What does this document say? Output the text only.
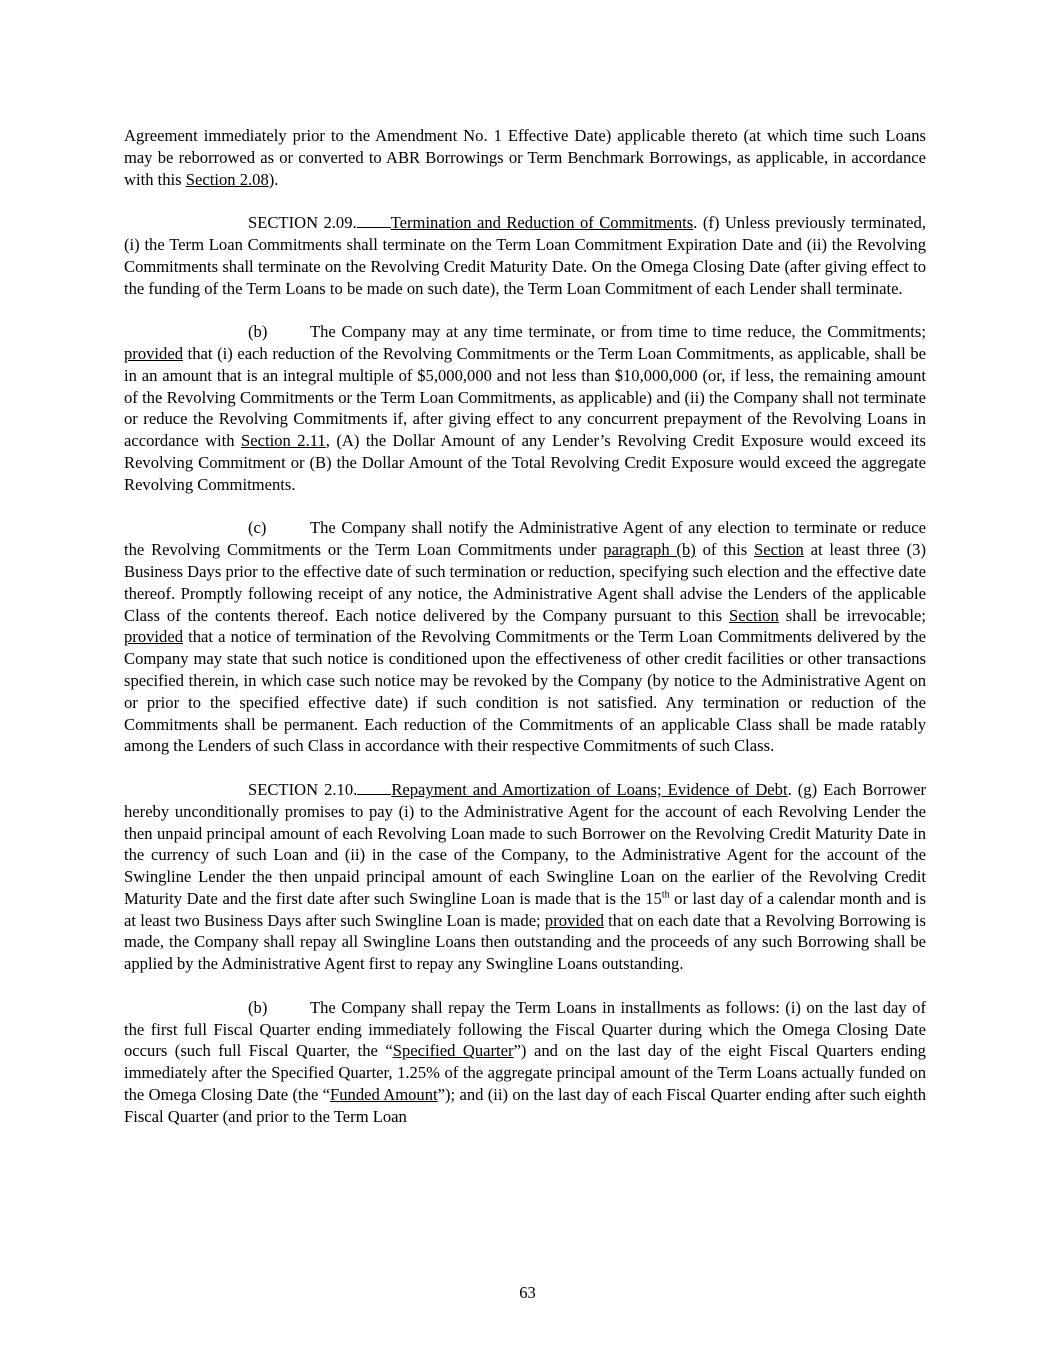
Agreement immediately prior to the Amendment No. 1 Effective Date) applicable thereto (at which time such Loans may be reborrowed as or converted to ABR Borrowings or Term Benchmark Borrowings, as applicable, in accordance with this Section 2.08).

SECTION 2.09. Termination and Reduction of Commitments. (f) Unless previously terminated, (i) the Term Loan Commitments shall terminate on the Term Loan Commitment Expiration Date and (ii) the Revolving Commitments shall terminate on the Revolving Credit Maturity Date. On the Omega Closing Date (after giving effect to the funding of the Term Loans to be made on such date), the Term Loan Commitment of each Lender shall terminate.

(b)	The Company may at any time terminate, or from time to time reduce, the Commitments; provided that (i) each reduction of the Revolving Commitments or the Term Loan Commitments, as applicable, shall be in an amount that is an integral multiple of $5,000,000 and not less than $10,000,000 (or, if less, the remaining amount of the Revolving Commitments or the Term Loan Commitments, as applicable) and (ii) the Company shall not terminate or reduce the Revolving Commitments if, after giving effect to any concurrent prepayment of the Revolving Loans in accordance with Section 2.11, (A) the Dollar Amount of any Lender’s Revolving Credit Exposure would exceed its Revolving Commitment or (B) the Dollar Amount of the Total Revolving Credit Exposure would exceed the aggregate Revolving Commitments.

(c)	The Company shall notify the Administrative Agent of any election to terminate or reduce the Revolving Commitments or the Term Loan Commitments under paragraph (b) of this Section at least three (3) Business Days prior to the effective date of such termination or reduction, specifying such election and the effective date thereof. Promptly following receipt of any notice, the Administrative Agent shall advise the Lenders of the applicable Class of the contents thereof. Each notice delivered by the Company pursuant to this Section shall be irrevocable; provided that a notice of termination of the Revolving Commitments or the Term Loan Commitments delivered by the Company may state that such notice is conditioned upon the effectiveness of other credit facilities or other transactions specified therein, in which case such notice may be revoked by the Company (by notice to the Administrative Agent on or prior to the specified effective date) if such condition is not satisfied. Any termination or reduction of the Commitments shall be permanent. Each reduction of the Commitments of an applicable Class shall be made ratably among the Lenders of such Class in accordance with their respective Commitments of such Class.

SECTION 2.10. Repayment and Amortization of Loans; Evidence of Debt. (g) Each Borrower hereby unconditionally promises to pay (i) to the Administrative Agent for the account of each Revolving Lender the then unpaid principal amount of each Revolving Loan made to such Borrower on the Revolving Credit Maturity Date in the currency of such Loan and (ii) in the case of the Company, to the Administrative Agent for the account of the Swingline Lender the then unpaid principal amount of each Swingline Loan on the earlier of the Revolving Credit Maturity Date and the first date after such Swingline Loan is made that is the 15th or last day of a calendar month and is at least two Business Days after such Swingline Loan is made; provided that on each date that a Revolving Borrowing is made, the Company shall repay all Swingline Loans then outstanding and the proceeds of any such Borrowing shall be applied by the Administrative Agent first to repay any Swingline Loans outstanding.

(b)	The Company shall repay the Term Loans in installments as follows: (i) on the last day of the first full Fiscal Quarter ending immediately following the Fiscal Quarter during which the Omega Closing Date occurs (such full Fiscal Quarter, the “Specified Quarter”) and on the last day of the eight Fiscal Quarters ending immediately after the Specified Quarter, 1.25% of the aggregate principal amount of the Term Loans actually funded on the Omega Closing Date (the “Funded Amount”); and (ii) on the last day of each Fiscal Quarter ending after such eighth Fiscal Quarter (and prior to the Term Loan

63
